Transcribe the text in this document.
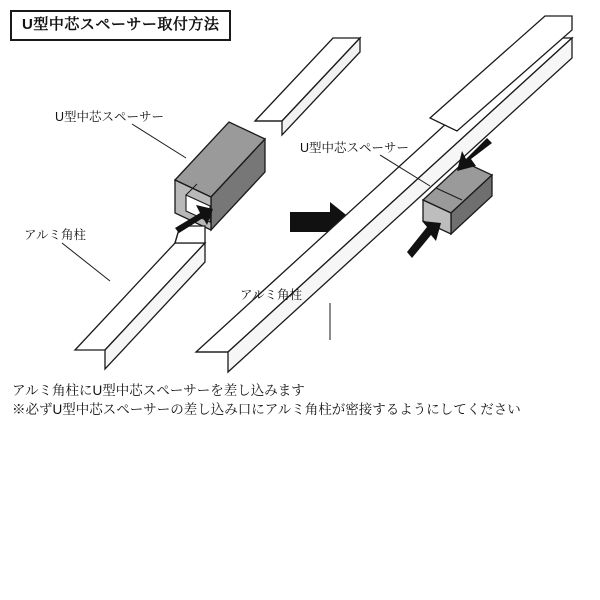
U型中芯スペーサー取付方法
U型中芯スペーサー
アルミ角柱
U型中芯スペーサー
アルミ角柱
アルミ角柱にU型中芯スペーサーを差し込みます
※必ずU型中芯スペーサーの差し込み口にアルミ角柱が密接するようにしてください
